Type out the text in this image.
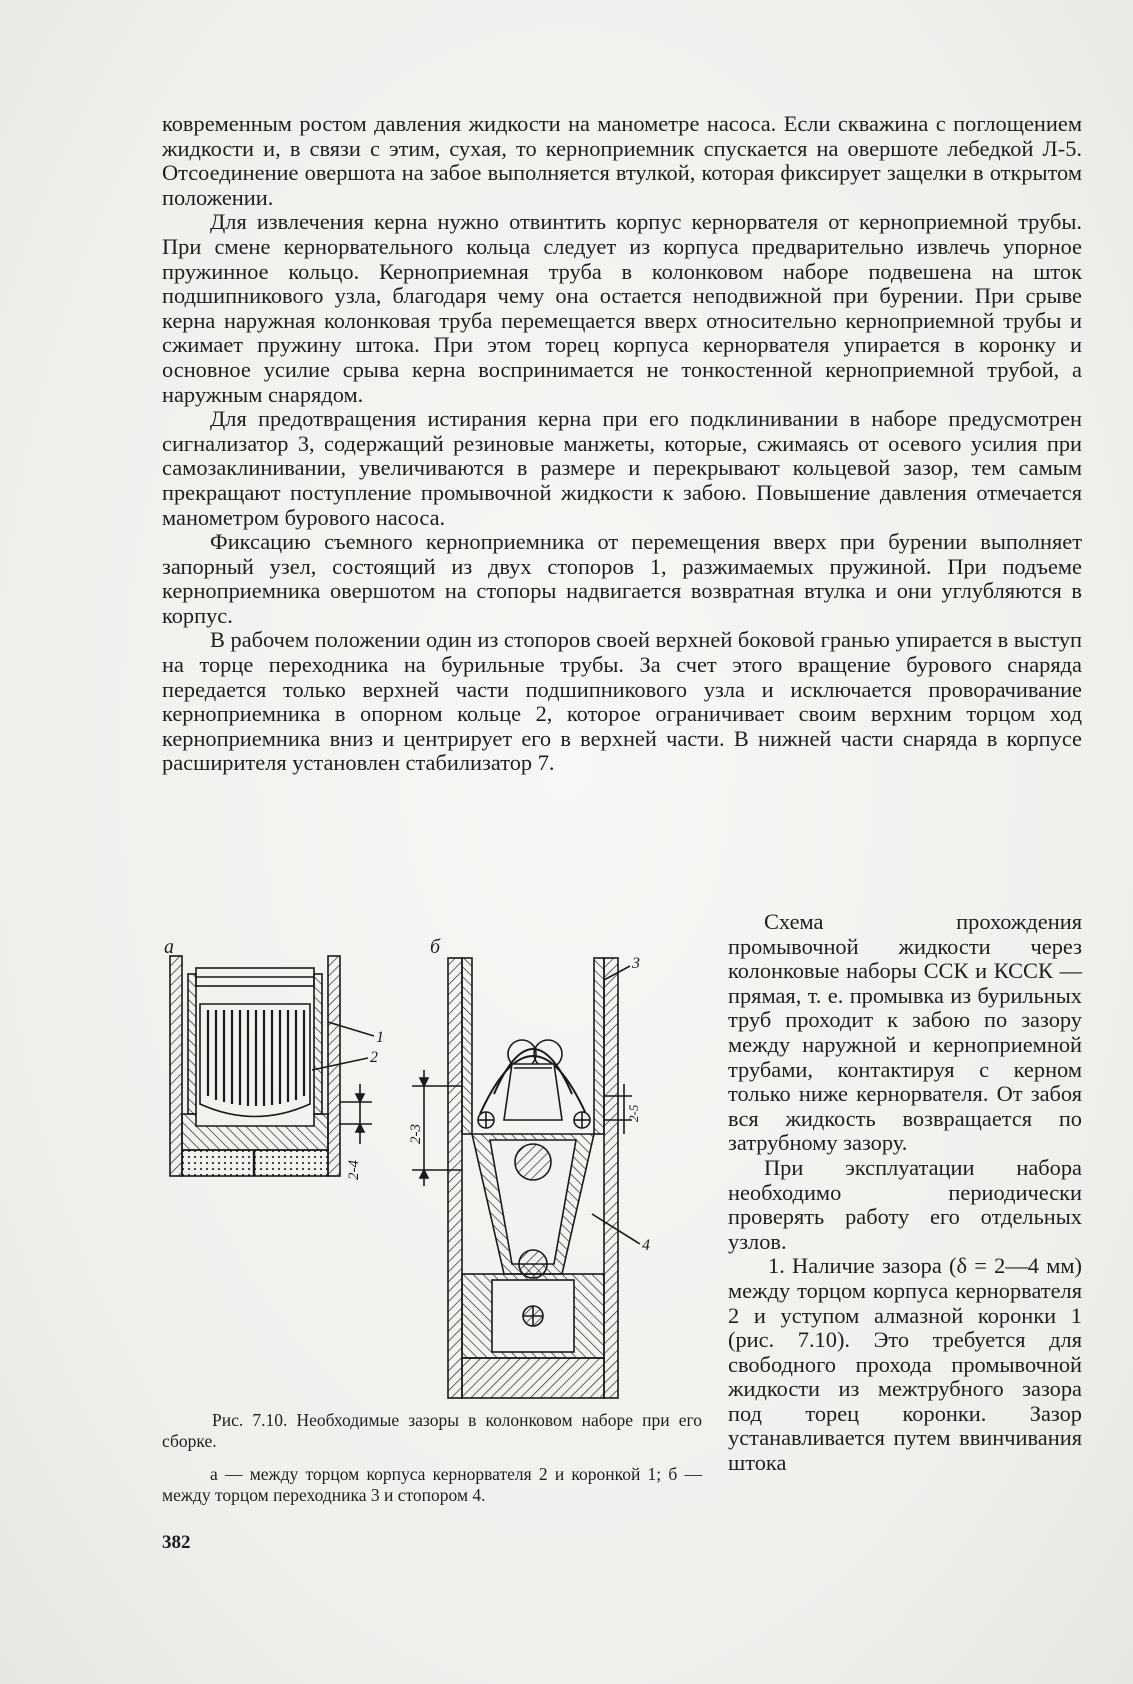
ковременным ростом давления жидкости на манометре насоса. Если скважина с поглощением жидкости и, в связи с этим, сухая, то керноприемник спускается на овершоте лебедкой Л-5. Отсоединение овершота на забое выполняется втулкой, которая фиксирует защелки в открытом положении.

Для извлечения керна нужно отвинтить корпус кернорвателя от керноприемной трубы. При смене кернорвательного кольца следует из корпуса предварительно извлечь упорное пружинное кольцо. Керноприемная труба в колонковом наборе подвешена на шток подшипникового узла, благодаря чему она остается неподвижной при бурении. При срыве керна наружная колонковая труба перемещается вверх относительно керноприемной трубы и сжимает пружину штока. При этом торец корпуса кернорвателя упирается в коронку и основное усилие срыва керна воспринимается не тонкостенной керноприемной трубой, а наружным снарядом.

Для предотвращения истирания керна при его подклинивании в наборе предусмотрен сигнализатор 3, содержащий резиновые манжеты, которые, сжимаясь от осевого усилия при самозаклинивании, увеличиваются в размере и перекрывают кольцевой зазор, тем самым прекращают поступление промывочной жидкости к забою. Повышение давления отмечается манометром бурового насоса.

Фиксацию съемного керноприемника от перемещения вверх при бурении выполняет запорный узел, состоящий из двух стопоров 1, разжимаемых пружиной. При подъеме керноприемника овершотом на стопоры надвигается возвратная втулка и они углубляются в корпус.

В рабочем положении один из стопоров своей верхней боковой гранью упирается в выступ на торце переходника на бурильные трубы. За счет этого вращение бурового снаряда передается только верхней части подшипникового узла и исключается проворачивание керноприемника в опорном кольце 2, которое ограничивает своим верхним торцом ход керноприемника вниз и центрирует его в верхней части. В нижней части снаряда в корпусе расширителя установлен стабилизатор 7.

а	б
1
2
2-4
3
4
2-3
2-5

Рис. 7.10. Необходимые зазоры в колонковом наборе при его сборке.

а — между торцом корпуса кернорвателя 2 и коронкой 1; б — между торцом переходника 3 и стопором 4.

Схема прохождения промывочной жидкости через колонковые наборы ССК и КССК — прямая, т. е. промывка из бурильных труб проходит к забою по зазору между наружной и керноприемной трубами, контактируя с керном только ниже кернорвателя. От забоя вся жидкость возвращается по затрубному зазору.

При эксплуатации набора необходимо периодически проверять работу его отдельных узлов.

1. Наличие зазора (δ = 2—4 мм) между торцом корпуса кернорвателя 2 и уступом алмазной коронки 1 (рис. 7.10). Это требуется для свободного прохода промывочной жидкости из межтрубного зазора под торец коронки. Зазор устанавливается путем ввинчивания штока

382
